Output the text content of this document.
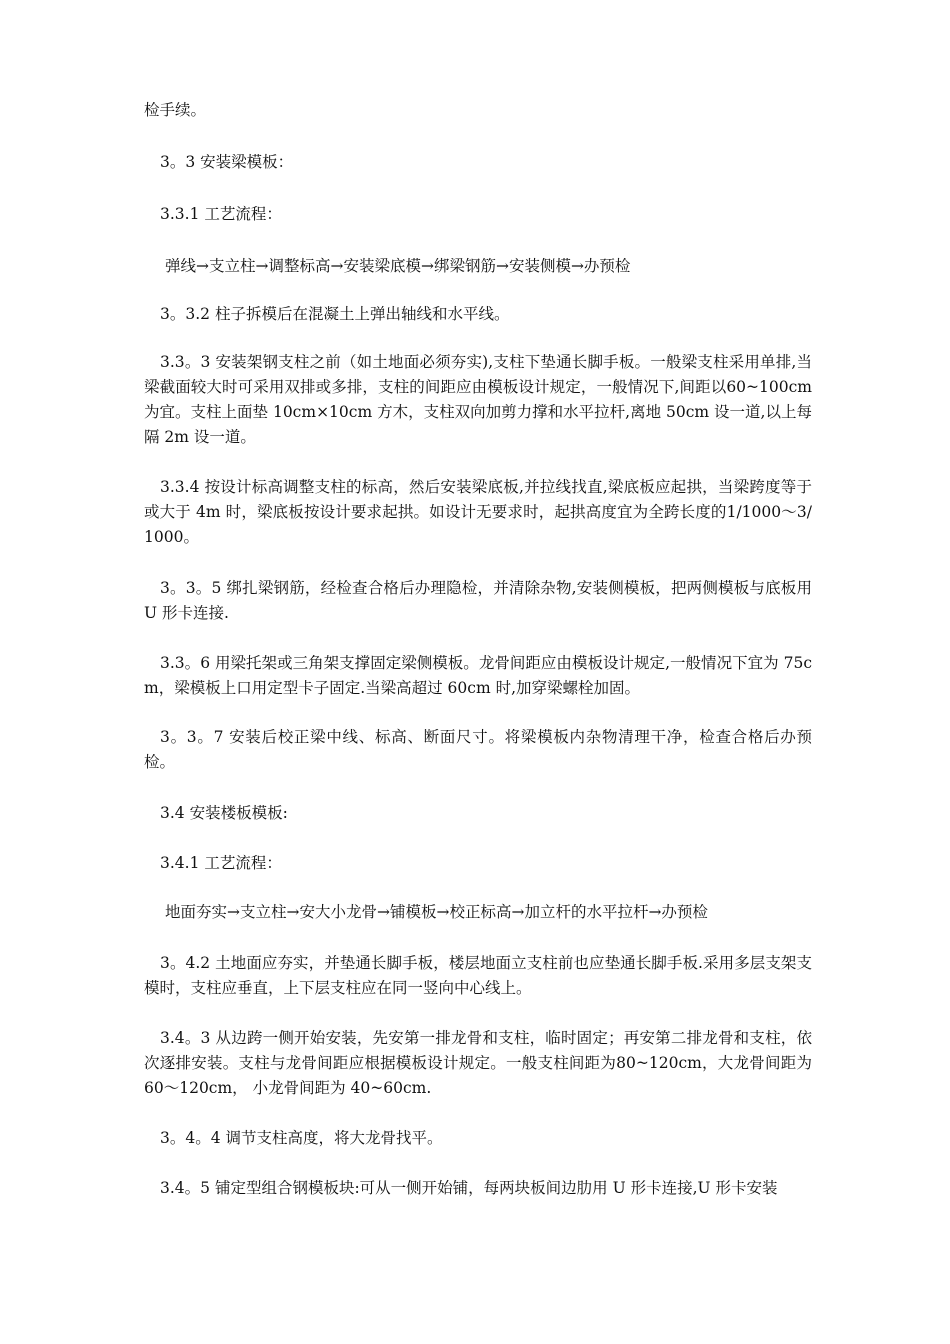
检手续。

3。3 安装梁模板：

3.3.1 工艺流程：

弹线→支立柱→调整标高→安装梁底模→绑梁钢筋→安装侧模→办预检

3。3.2 柱子拆模后在混凝土上弹出轴线和水平线。

3.3。3 安装架钢支柱之前（如土地面必须夯实),支柱下垫通长脚手板。一般梁支柱采用单排,当梁截面较大时可采用双排或多排，支柱的间距应由模板设计规定，一般情况下,间距以60~100cm 为宜。支柱上面垫 10cm×10cm 方木，支柱双向加剪力撑和水平拉杆,离地 50cm 设一道,以上每隔 2m 设一道。

3.3.4 按设计标高调整支柱的标高，然后安装梁底板,并拉线找直,梁底板应起拱，当梁跨度等于或大于 4m 时，梁底板按设计要求起拱。如设计无要求时，起拱高度宜为全跨长度的1/1000～3/1000。

3。3。5 绑扎梁钢筋，经检查合格后办理隐检，并清除杂物,安装侧模板，把两侧模板与底板用 U 形卡连接.

3.3。6 用梁托架或三角架支撑固定梁侧模板。龙骨间距应由模板设计规定,一般情况下宜为 75cm，梁模板上口用定型卡子固定.当梁高超过 60cm 时,加穿梁螺栓加固。

3。3。7 安装后校正梁中线、标高、断面尺寸。将梁模板内杂物清理干净，检查合格后办预检。

3.4 安装楼板模板:

3.4.1 工艺流程：

地面夯实→支立柱→安大小龙骨→铺模板→校正标高→加立杆的水平拉杆→办预检

3。4.2 土地面应夯实，并垫通长脚手板，楼层地面立支柱前也应垫通长脚手板.采用多层支架支模时，支柱应垂直，上下层支柱应在同一竖向中心线上。

3.4。3 从边跨一侧开始安装，先安第一排龙骨和支柱，临时固定；再安第二排龙骨和支柱，依次逐排安装。支柱与龙骨间距应根据模板设计规定。一般支柱间距为80~120cm，大龙骨间距为 60～120cm， 小龙骨间距为 40~60cm.

3。4。4 调节支柱高度，将大龙骨找平。

3.4。5 铺定型组合钢模板块:可从一侧开始铺，每两块板间边肋用 U 形卡连接,U 形卡安装
